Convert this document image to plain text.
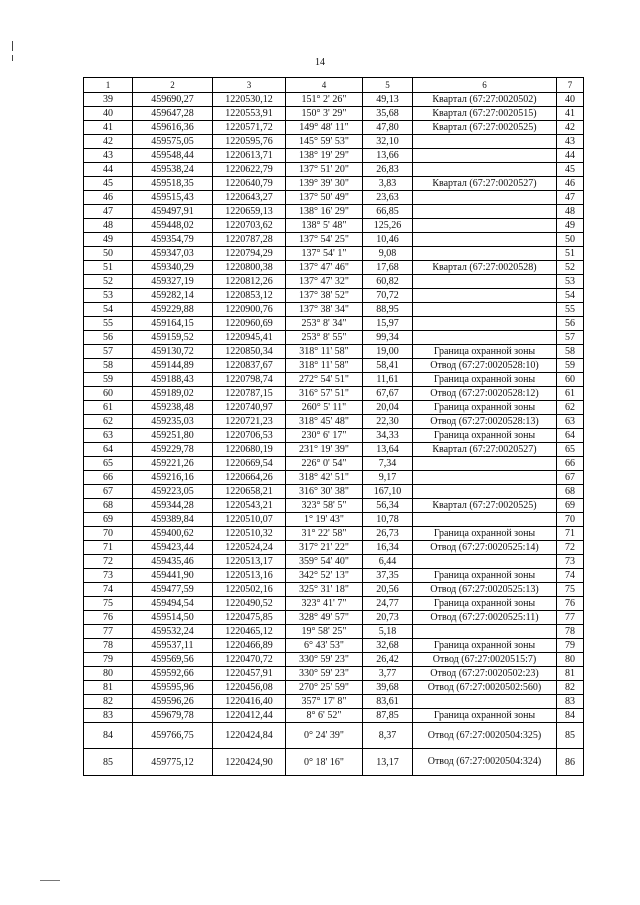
14
1	2	3	4	5	6	7
39	459690,27	1220530,12	151° 2' 26"	49,13	Квартал (67:27:0020502)	40
40	459647,28	1220553,91	150° 3' 29"	35,68	Квартал (67:27:0020515)	41
41	459616,36	1220571,72	149° 48' 11"	47,80	Квартал (67:27:0020525)	42
42	459575,05	1220595,76	145° 59' 53"	32,10		43
43	459548,44	1220613,71	138° 19' 29"	13,66		44
44	459538,24	1220622,79	137° 51' 20"	26,83		45
45	459518,35	1220640,79	139° 39' 30"	3,83	Квартал (67:27:0020527)	46
46	459515,43	1220643,27	137° 50' 49"	23,63		47
47	459497,91	1220659,13	138° 16' 29"	66,85		48
48	459448,02	1220703,62	138° 5' 48"	125,26		49
49	459354,79	1220787,28	137° 54' 25"	10,46		50
50	459347,03	1220794,29	137° 54' 1"	9,08		51
51	459340,29	1220800,38	137° 47' 46"	17,68	Квартал (67:27:0020528)	52
52	459327,19	1220812,26	137° 47' 32"	60,82		53
53	459282,14	1220853,12	137° 38' 52"	70,72		54
54	459229,88	1220900,76	137° 38' 34"	88,95		55
55	459164,15	1220960,69	253° 8' 34"	15,97		56
56	459159,52	1220945,41	253° 8' 55"	99,34		57
57	459130,72	1220850,34	318° 11' 58"	19,00	Граница охранной зоны	58
58	459144,89	1220837,67	318° 11' 58"	58,41	Отвод (67:27:0020528:10)	59
59	459188,43	1220798,74	272° 54' 51"	11,61	Граница охранной зоны	60
60	459189,02	1220787,15	316° 57' 51"	67,67	Отвод (67:27:0020528:12)	61
61	459238,48	1220740,97	260° 5' 11"	20,04	Граница охранной зоны	62
62	459235,03	1220721,23	318° 45' 48"	22,30	Отвод (67:27:0020528:13)	63
63	459251,80	1220706,53	230° 6' 17"	34,33	Граница охранной зоны	64
64	459229,78	1220680,19	231° 19' 39"	13,64	Квартал (67:27:0020527)	65
65	459221,26	1220669,54	226° 0' 54"	7,34		66
66	459216,16	1220664,26	318° 42' 51"	9,17		67
67	459223,05	1220658,21	316° 30' 38"	167,10		68
68	459344,28	1220543,21	323° 58' 5"	56,34	Квартал (67:27:0020525)	69
69	459389,84	1220510,07	1° 19' 43"	10,78		70
70	459400,62	1220510,32	31° 22' 58"	26,73	Граница охранной зоны	71
71	459423,44	1220524,24	317° 21' 22"	16,34	Отвод (67:27:0020525:14)	72
72	459435,46	1220513,17	359° 54' 40"	6,44		73
73	459441,90	1220513,16	342° 52' 13"	37,35	Граница охранной зоны	74
74	459477,59	1220502,16	325° 31' 18"	20,56	Отвод (67:27:0020525:13)	75
75	459494,54	1220490,52	323° 41' 7"	24,77	Граница охранной зоны	76
76	459514,50	1220475,85	328° 49' 57"	20,73	Отвод (67:27:0020525:11)	77
77	459532,24	1220465,12	19° 58' 25"	5,18		78
78	459537,11	1220466,89	6° 43' 53"	32,68	Граница охранной зоны	79
79	459569,56	1220470,72	330° 59' 23"	26,42	Отвод (67:27:0020515:7)	80
80	459592,66	1220457,91	330° 59' 23"	3,77	Отвод (67:27:0020502:23)	81
81	459595,96	1220456,08	270° 25' 59"	39,68	Отвод (67:27:0020502:560)	82
82	459596,26	1220416,40	357° 17' 8"	83,61		83
83	459679,78	1220412,44	8° 6' 52"	87,85	Граница охранной зоны	84
84	459766,75	1220424,84	0° 24' 39"	8,37	Отвод (67:27:0020504:325)	85
85	459775,12	1220424,90	0° 18' 16"	13,17	Отвод (67:27:0020504:324)	86
